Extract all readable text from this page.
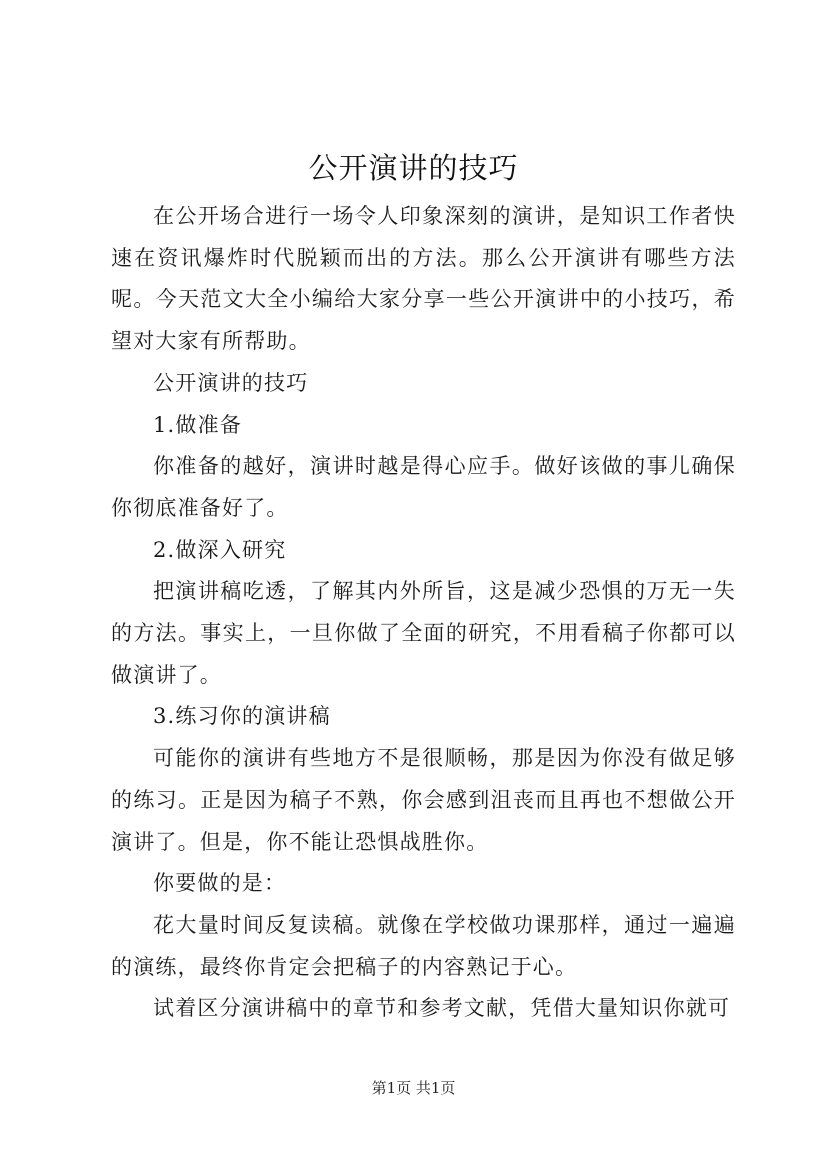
公开演讲的技巧

在公开场合进行一场令人印象深刻的演讲，是知识工作者快速在资讯爆炸时代脱颖而出的方法。那么公开演讲有哪些方法呢。今天范文大全小编给大家分享一些公开演讲中的小技巧，希望对大家有所帮助。

公开演讲的技巧

1.做准备

你准备的越好，演讲时越是得心应手。做好该做的事儿确保你彻底准备好了。

2.做深入研究

把演讲稿吃透，了解其内外所旨，这是减少恐惧的万无一失的方法。事实上，一旦你做了全面的研究，不用看稿子你都可以做演讲了。

3.练习你的演讲稿

可能你的演讲有些地方不是很顺畅，那是因为你没有做足够的练习。正是因为稿子不熟，你会感到沮丧而且再也不想做公开演讲了。但是，你不能让恐惧战胜你。

你要做的是：

花大量时间反复读稿。就像在学校做功课那样，通过一遍遍的演练，最终你肯定会把稿子的内容熟记于心。

试着区分演讲稿中的章节和参考文献，凭借大量知识你就可

第1页 共1页
